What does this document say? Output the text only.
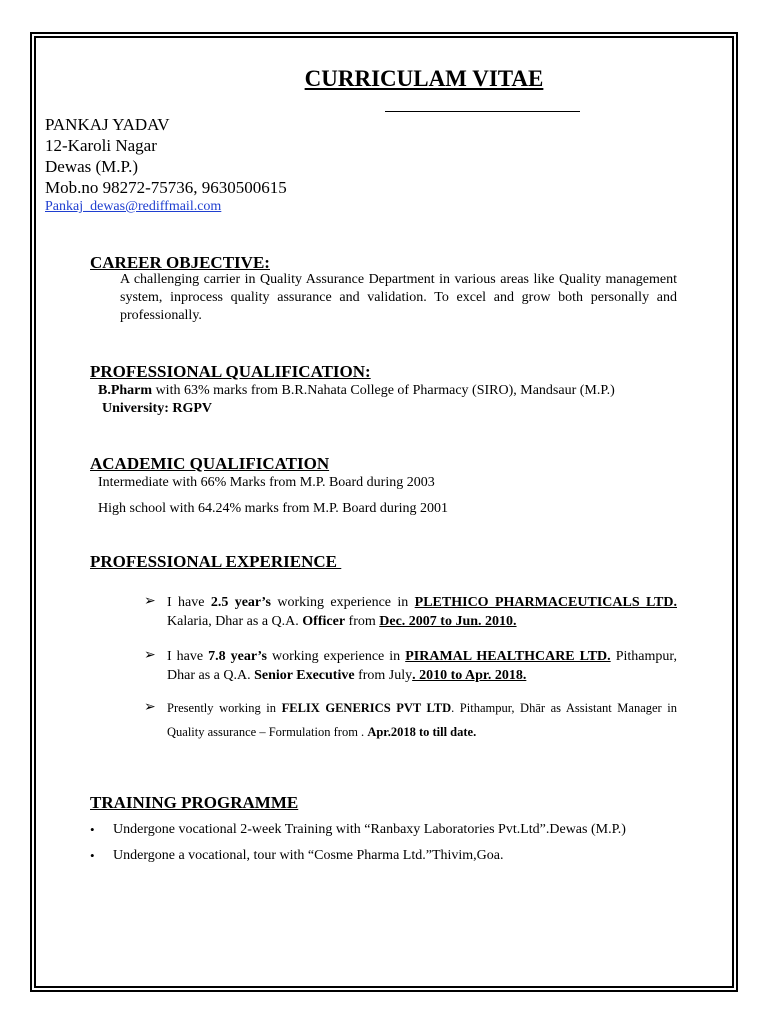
CURRICULAM VITAE
PANKAJ YADAV
12-Karoli Nagar
Dewas (M.P.)
Mob.no 98272-75736, 9630500615
Pankaj_dewas@rediffmail.com
CAREER OBJECTIVE:
A challenging carrier in Quality Assurance Department in various areas like Quality management system, inprocess quality assurance and validation. To excel and grow both personally and professionally.
PROFESSIONAL QUALIFICATION:
B.Pharm with 63% marks from B.R.Nahata College of Pharmacy (SIRO), Mandsaur (M.P.)
University: RGPV
ACADEMIC QUALIFICATION
Intermediate with 66% Marks from M.P. Board during 2003
High school with 64.24% marks from M.P. Board during 2001
PROFESSIONAL EXPERIENCE
➢ I have 2.5 year’s working experience in PLETHICO PHARMACEUTICALS LTD. Kalaria, Dhar as a Q.A. Officer from Dec. 2007 to Jun. 2010.
➢ I have 7.8 year’s working experience in PIRAMAL HEALTHCARE LTD. Pithampur, Dhar as a Q.A. Senior Executive from July. 2010 to Apr. 2018.
➢ Presently working in FELIX GENERICS PVT LTD. Pithampur, Dhār as Assistant Manager in Quality assurance – Formulation from . Apr.2018 to till date.
TRAINING PROGRAMME
• Undergone vocational 2-week Training with “Ranbaxy Laboratories Pvt.Ltd”.Dewas (M.P.)
• Undergone a vocational, tour with “Cosme Pharma Ltd.”Thivim,Goa.
